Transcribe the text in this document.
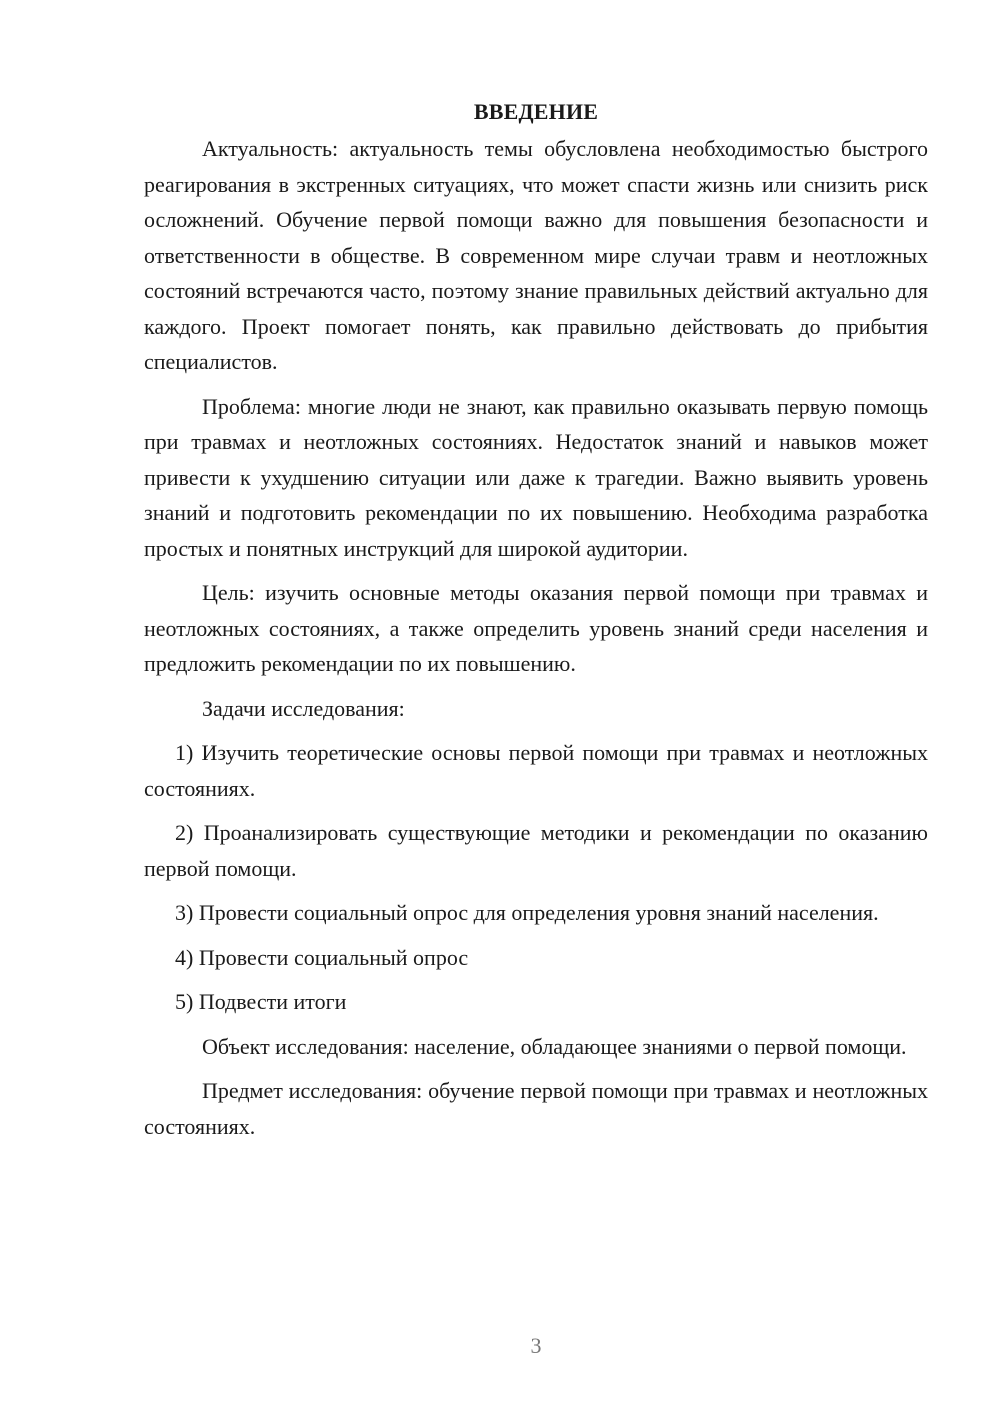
ВВЕДЕНИЕ

Актуальность: актуальность темы обусловлена необходимостью быстрого реагирования в экстренных ситуациях, что может спасти жизнь или снизить риск осложнений. Обучение первой помощи важно для повышения безопасности и ответственности в обществе. В современном мире случаи травм и неотложных состояний встречаются часто, поэтому знание правильных действий актуально для каждого. Проект помогает понять, как правильно действовать до прибытия специалистов.

Проблема: многие люди не знают, как правильно оказывать первую помощь при травмах и неотложных состояниях. Недостаток знаний и навыков может привести к ухудшению ситуации или даже к трагедии. Важно выявить уровень знаний и подготовить рекомендации по их повышению. Необходима разработка простых и понятных инструкций для широкой аудитории.

Цель: изучить основные методы оказания первой помощи при травмах и неотложных состояниях, а также определить уровень знаний среди населения и предложить рекомендации по их повышению.

Задачи исследования:

1) Изучить теоретические основы первой помощи при травмах и неотложных состояниях.

2) Проанализировать существующие методики и рекомендации по оказанию первой помощи.

3) Провести социальный опрос для определения уровня знаний населения.

4) Провести социальный опрос

5) Подвести итоги

Объект исследования: население, обладающее знаниями о первой помощи.

Предмет исследования: обучение первой помощи при травмах и неотложных состояниях.

3
